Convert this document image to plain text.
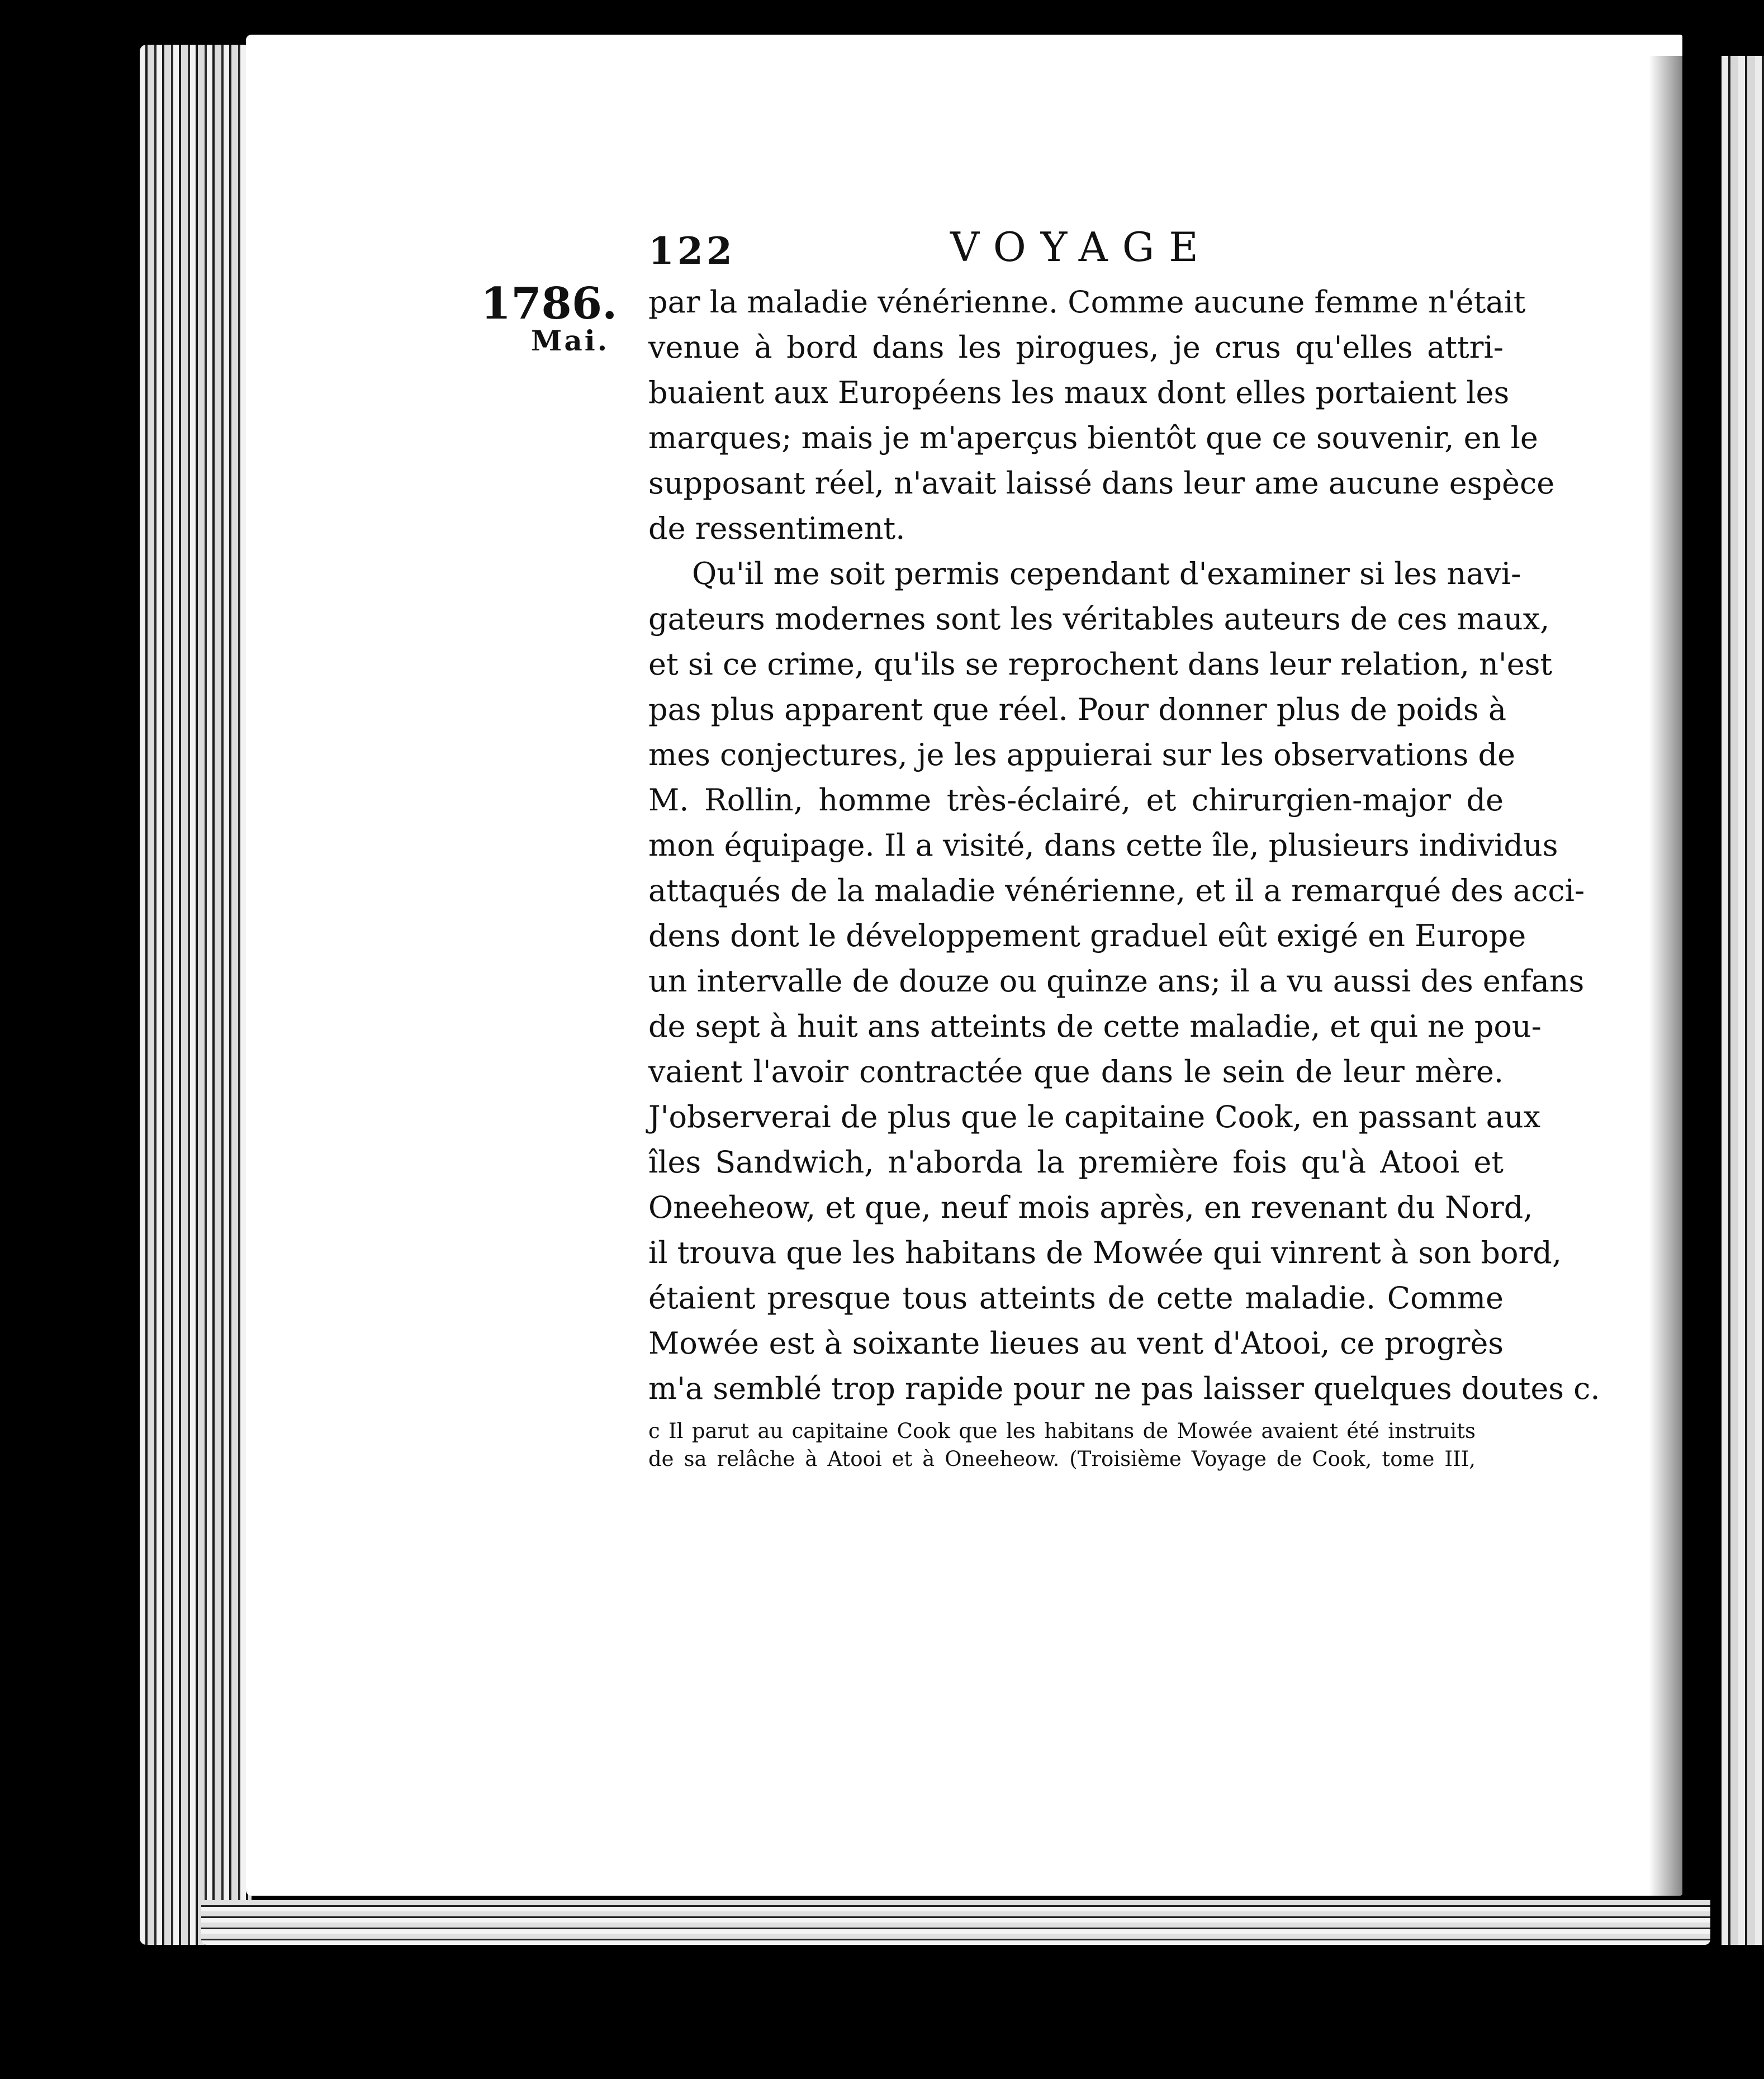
122	VOYAGE
1786.
Mai.
par la maladie vénérienne. Comme aucune femme n'était
venue à bord dans les pirogues, je crus qu'elles attri-
buaient aux Européens les maux dont elles portaient les
marques; mais je m'aperçus bientôt que ce souvenir, en le
supposant réel, n'avait laissé dans leur ame aucune espèce
de ressentiment.
Qu'il me soit permis cependant d'examiner si les navi-
gateurs modernes sont les véritables auteurs de ces maux,
et si ce crime, qu'ils se reprochent dans leur relation, n'est
pas plus apparent que réel. Pour donner plus de poids à
mes conjectures, je les appuierai sur les observations de
M. Rollin, homme très-éclairé, et chirurgien-major de
mon équipage. Il a visité, dans cette île, plusieurs individus
attaqués de la maladie vénérienne, et il a remarqué des acci-
dens dont le développement graduel eût exigé en Europe
un intervalle de douze ou quinze ans; il a vu aussi des enfans
de sept à huit ans atteints de cette maladie, et qui ne pou-
vaient l'avoir contractée que dans le sein de leur mère.
J'observerai de plus que le capitaine Cook, en passant aux
îles Sandwich, n'aborda la première fois qu'à Atooi et
Oneeheow, et que, neuf mois après, en revenant du Nord,
il trouva que les habitans de Mowée qui vinrent à son bord,
étaient presque tous atteints de cette maladie. Comme
Mowée est à soixante lieues au vent d'Atooi, ce progrès
m'a semblé trop rapide pour ne pas laisser quelques doutes c.
c Il parut au capitaine Cook que les habitans de Mowée avaient été instruits
de sa relâche à Atooi et à Oneeheow. (Troisième Voyage de Cook, tome III,
